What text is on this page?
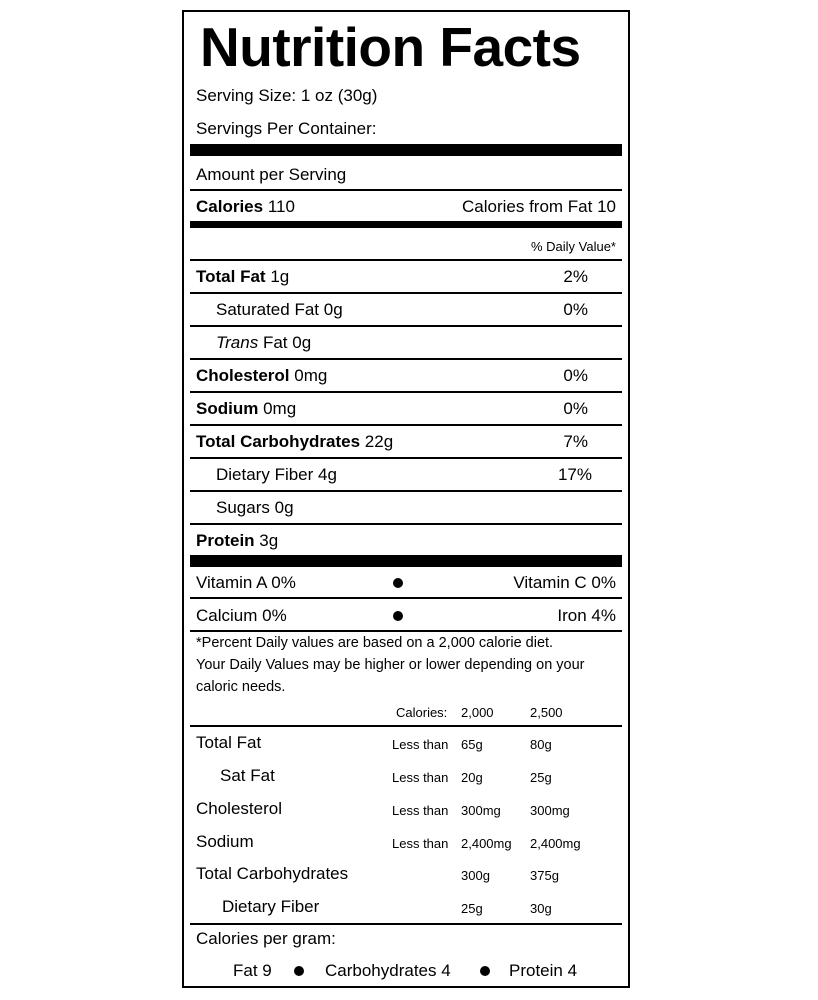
Nutrition Facts
Serving Size: 1 oz (30g)
Servings Per Container:
Amount per Serving
Calories 110	Calories from Fat 10
% Daily Value*
Total Fat 1g	2%
Saturated Fat 0g	0%
Trans Fat 0g
Cholesterol 0mg	0%
Sodium 0mg	0%
Total Carbohydrates 22g	7%
Dietary Fiber 4g	17%
Sugars 0g
Protein 3g
Vitamin A 0%	Vitamin C 0%
Calcium 0%	Iron 4%
*Percent Daily values are based on a 2,000 calorie diet.
Your Daily Values may be higher or lower depending on your
caloric needs.
Calories: 2,000	2,500
Total Fat	Less than 65g	80g
Sat Fat	Less than 20g	25g
Cholesterol	Less than 300mg 300mg
Sodium	Less than 2,400mg 2,400mg
Total Carbohydrates	300g	375g
Dietary Fiber	25g	30g
Calories per gram:
Fat 9	Carbohydrates 4	Protein 4
